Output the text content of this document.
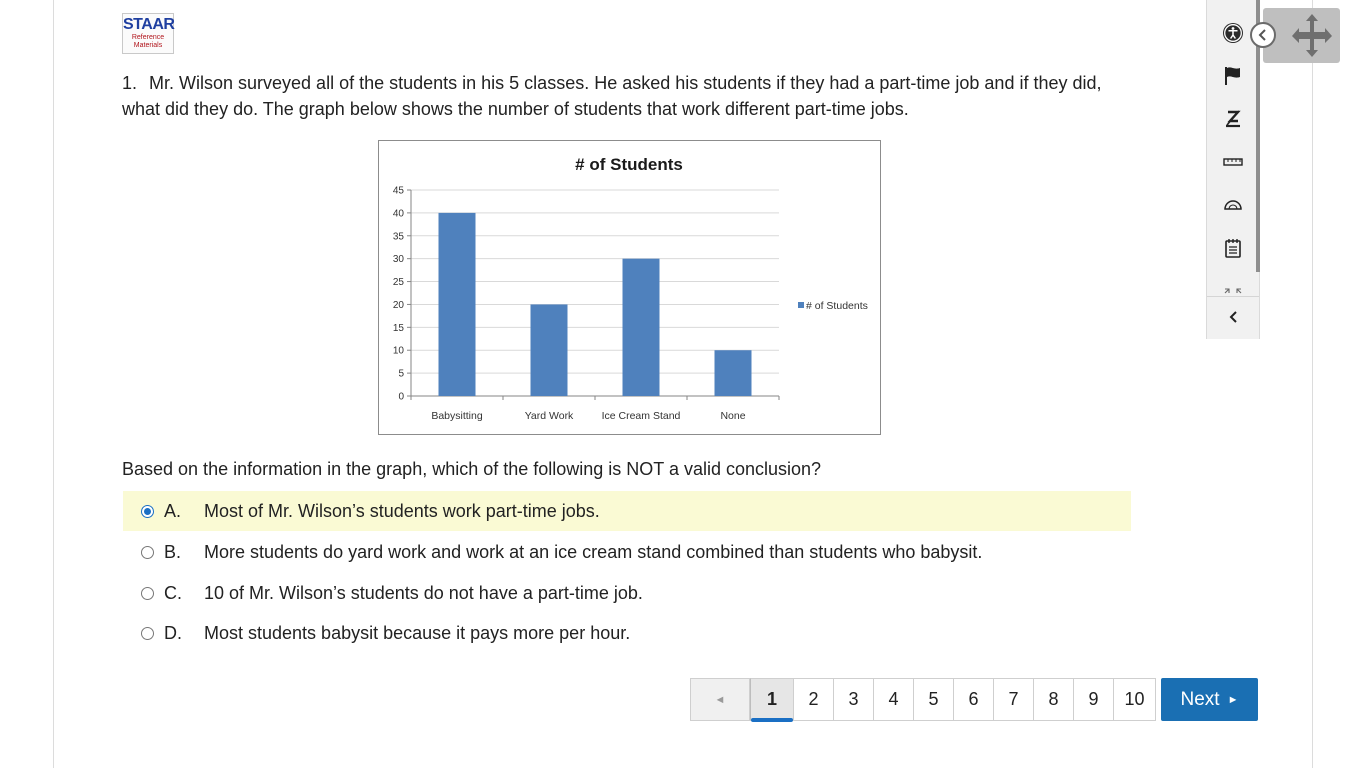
STAAR
Reference
Materials
1. Mr. Wilson surveyed all of the students in his 5 classes. He asked his students if they had a part-time job and if they did, what did they do. The graph below shows the number of students that work different part-time jobs.
# of Students
0
5
10
15
20
25
30
35
40
45
Babysitting	Yard Work	Ice Cream Stand	None
# of Students
Based on the information in the graph, which of the following is NOT a valid conclusion?
A.	Most of Mr. Wilson’s students work part-time jobs.
B.	More students do yard work and work at an ice cream stand combined than students who babysit.
C.	10 of Mr. Wilson’s students do not have a part-time job.
D.	Most students babysit because it pays more per hour.
◄	1	2	3	4	5	6	7	8	9	10	Next ►
